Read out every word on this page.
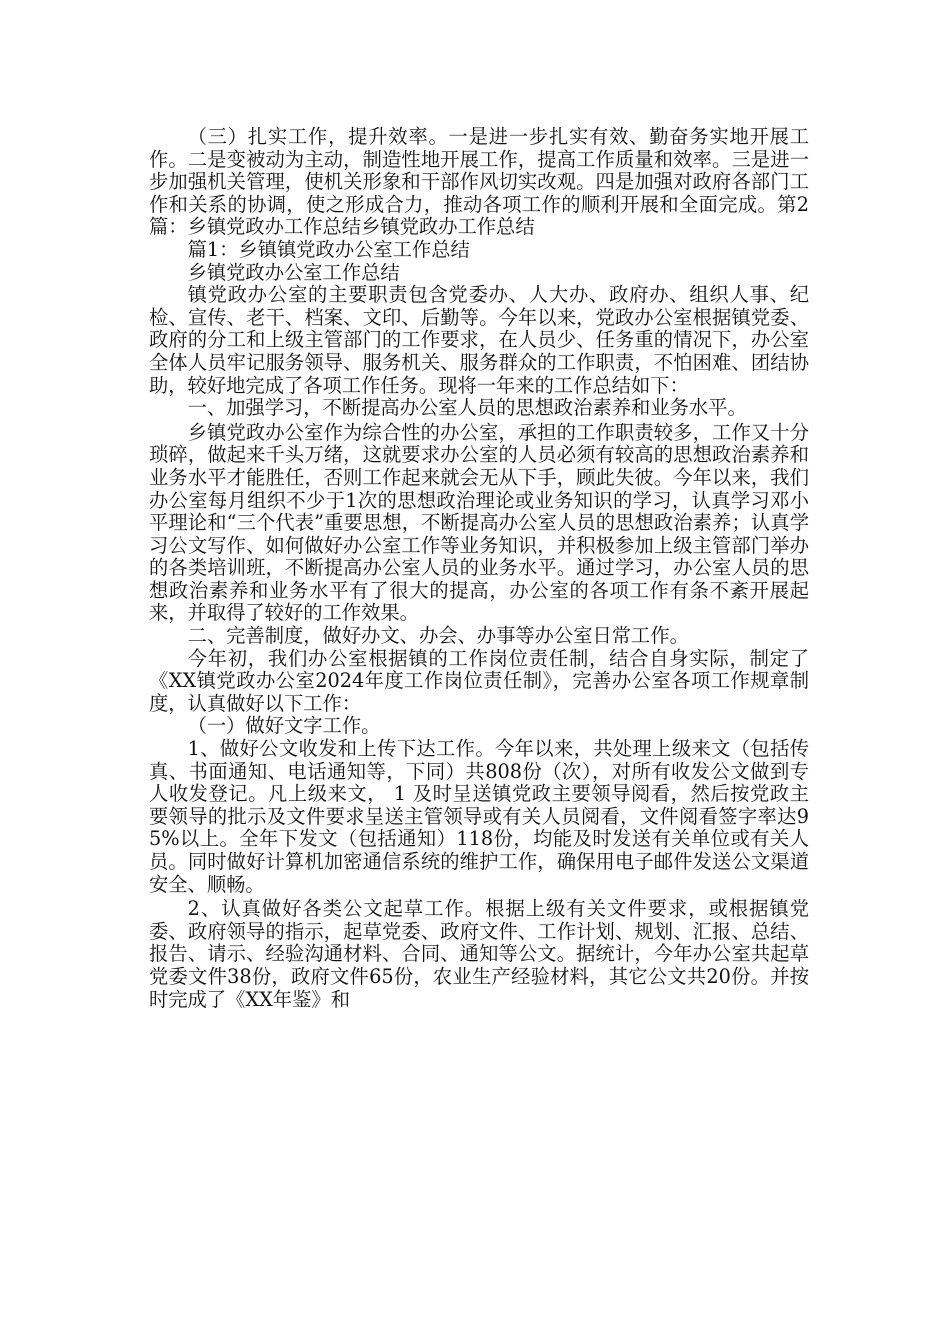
（三）扎实工作，提升效率。一是进一步扎实有效、勤奋务实地开展工作。二是变被动为主动，制造性地开展工作，提高工作质量和效率。三是进一步加强机关管理，使机关形象和干部作风切实改观。四是加强对政府各部门工作和关系的协调，使之形成合力，推动各项工作的顺利开展和全面完成。第2篇：乡镇党政办工作总结乡镇党政办工作总结

篇1：乡镇镇党政办公室工作总结

乡镇党政办公室工作总结

镇党政办公室的主要职责包含党委办、人大办、政府办、组织人事、纪检、宣传、老干、档案、文印、后勤等。今年以来，党政办公室根据镇党委、政府的分工和上级主管部门的工作要求，在人员少、任务重的情况下，办公室全体人员牢记服务领导、服务机关、服务群众的工作职责，不怕困难、团结协助，较好地完成了各项工作任务。现将一年来的工作总结如下：

一、加强学习，不断提高办公室人员的思想政治素养和业务水平。

乡镇党政办公室作为综合性的办公室，承担的工作职责较多，工作又十分琐碎，做起来千头万绪，这就要求办公室的人员必须有较高的思想政治素养和业务水平才能胜任，否则工作起来就会无从下手，顾此失彼。今年以来，我们办公室每月组织不少于1次的思想政治理论或业务知识的学习，认真学习邓小平理论和“三个代表”重要思想，不断提高办公室人员的思想政治素养；认真学习公文写作、如何做好办公室工作等业务知识，并积极参加上级主管部门举办的各类培训班，不断提高办公室人员的业务水平。通过学习，办公室人员的思想政治素养和业务水平有了很大的提高，办公室的各项工作有条不紊开展起来，并取得了较好的工作效果。

二、完善制度，做好办文、办会、办事等办公室日常工作。

今年初，我们办公室根据镇的工作岗位责任制，结合自身实际，制定了《XX镇党政办公室2024年度工作岗位责任制》，完善办公室各项工作规章制度，认真做好以下工作：

（一）做好文字工作。

1、做好公文收发和上传下达工作。今年以来，共处理上级来文（包括传真、书面通知、电话通知等，下同）共808份（次），对所有收发公文做到专人收发登记。凡上级来文， 1 及时呈送镇党政主要领导阅看，然后按党政主要领导的批示及文件要求呈送主管领导或有关人员阅看，文件阅看签字率达95%以上。全年下发文（包括通知）118份，均能及时发送有关单位或有关人员。同时做好计算机加密通信系统的维护工作，确保用电子邮件发送公文渠道安全、顺畅。

2、认真做好各类公文起草工作。根据上级有关文件要求，或根据镇党委、政府领导的指示，起草党委、政府文件、工作计划、规划、汇报、总结、报告、请示、经验沟通材料、合同、通知等公文。据统计，今年办公室共起草党委文件38份，政府文件65份，农业生产经验材料，其它公文共20份。并按时完成了《XX年鉴》和
